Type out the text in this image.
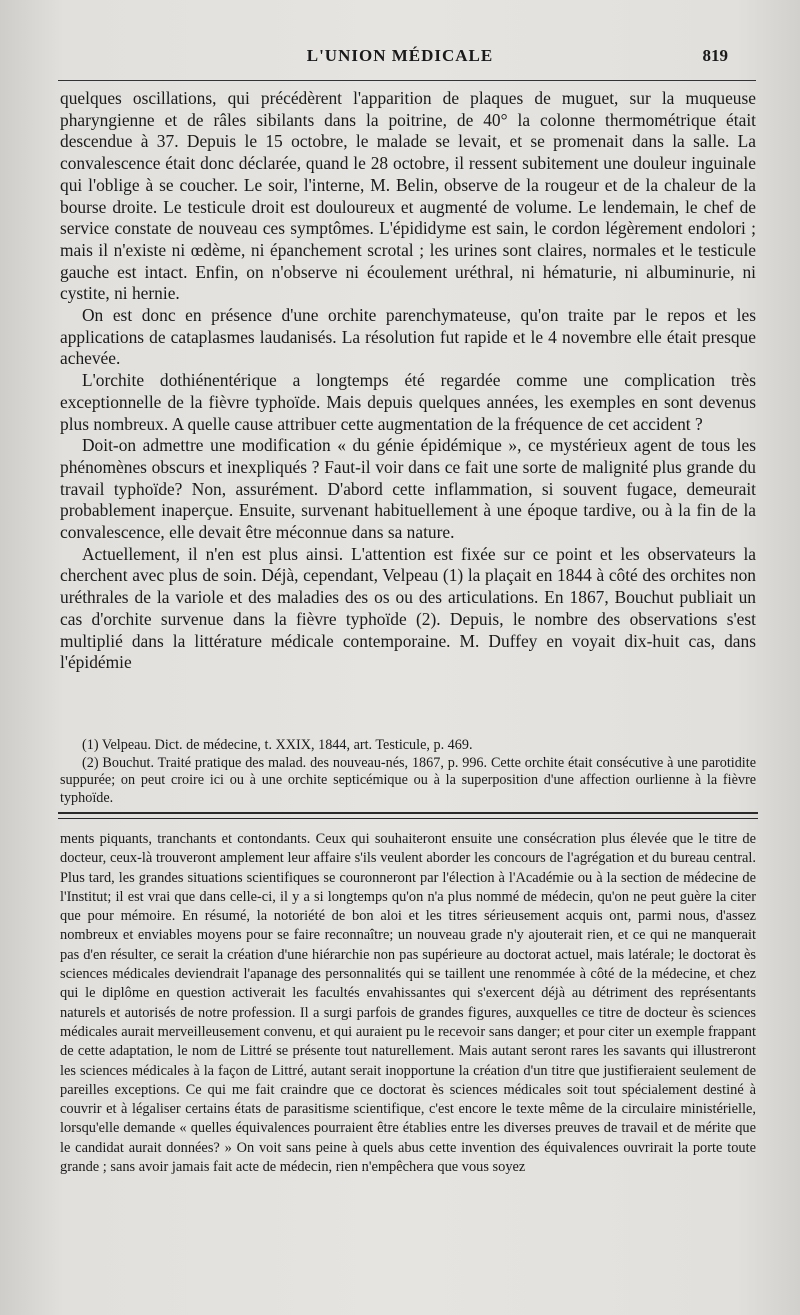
L'UNION MÉDICALE	819

quelques oscillations, qui précédèrent l'apparition de plaques de muguet, sur la muqueuse pharyngienne et de râles sibilants dans la poitrine, de 40° la colonne thermométrique était descendue à 37. Depuis le 15 octobre, le malade se levait, et se promenait dans la salle. La convalescence était donc déclarée, quand le 28 octobre, il ressent subitement une douleur inguinale qui l'oblige à se coucher. Le soir, l'interne, M. Belin, observe de la rougeur et de la chaleur de la bourse droite. Le testicule droit est douloureux et augmenté de volume. Le lendemain, le chef de service constate de nouveau ces symptômes. L'épididyme est sain, le cordon légèrement endolori ; mais il n'existe ni œdème, ni épanchement scrotal ; les urines sont claires, normales et le testicule gauche est intact. Enfin, on n'observe ni écoulement uréthral, ni hématurie, ni albuminurie, ni cystite, ni hernie.

On est donc en présence d'une orchite parenchymateuse, qu'on traite par le repos et les applications de cataplasmes laudanisés. La résolution fut rapide et le 4 novembre elle était presque achevée.

L'orchite dothiénentérique a longtemps été regardée comme une complication très exceptionnelle de la fièvre typhoïde. Mais depuis quelques années, les exemples en sont devenus plus nombreux. A quelle cause attribuer cette augmentation de la fréquence de cet accident ?

Doit-on admettre une modification « du génie épidémique », ce mystérieux agent de tous les phénomènes obscurs et inexpliqués ? Faut-il voir dans ce fait une sorte de malignité plus grande du travail typhoïde? Non, assurément. D'abord cette inflammation, si souvent fugace, demeurait probablement inaperçue. Ensuite, survenant habituellement à une époque tardive, ou à la fin de la convalescence, elle devait être méconnue dans sa nature.

Actuellement, il n'en est plus ainsi. L'attention est fixée sur ce point et les observateurs la cherchent avec plus de soin. Déjà, cependant, Velpeau (1) la plaçait en 1844 à côté des orchites non uréthrales de la variole et des maladies des os ou des articulations. En 1867, Bouchut publiait un cas d'orchite survenue dans la fièvre typhoïde (2). Depuis, le nombre des observations s'est multiplié dans la littérature médicale contemporaine. M. Duffey en voyait dix-huit cas, dans l'épidémie

(1) Velpeau. Dict. de médecine, t. XXIX, 1844, art. Testicule, p. 469.

(2) Bouchut. Traité pratique des malad. des nouveau-nés, 1867, p. 996. Cette orchite était consécutive à une parotidite suppurée; on peut croire ici ou à une orchite septicémique ou à la superposition d'une affection ourlienne à la fièvre typhoïde.

ments piquants, tranchants et contondants. Ceux qui souhaiteront ensuite une consécration plus élevée que le titre de docteur, ceux-là trouveront amplement leur affaire s'ils veulent aborder les concours de l'agrégation et du bureau central. Plus tard, les grandes situations scientifiques se couronneront par l'élection à l'Académie ou à la section de médecine de l'Institut; il est vrai que dans celle-ci, il y a si longtemps qu'on n'a plus nommé de médecin, qu'on ne peut guère la citer que pour mémoire. En résumé, la notoriété de bon aloi et les titres sérieusement acquis ont, parmi nous, d'assez nombreux et enviables moyens pour se faire reconnaître; un nouveau grade n'y ajouterait rien, et ce qui ne manquerait pas d'en résulter, ce serait la création d'une hiérarchie non pas supérieure au doctorat actuel, mais latérale; le doctorat ès sciences médicales deviendrait l'apanage des personnalités qui se taillent une renommée à côté de la médecine, et chez qui le diplôme en question activerait les facultés envahissantes qui s'exercent déjà au détriment des représentants naturels et autorisés de notre profession. Il a surgi parfois de grandes figures, auxquelles ce titre de docteur ès sciences médicales aurait merveilleusement convenu, et qui auraient pu le recevoir sans danger; et pour citer un exemple frappant de cette adaptation, le nom de Littré se présente tout naturellement. Mais autant seront rares les savants qui illustreront les sciences médicales à la façon de Littré, autant serait inopportune la création d'un titre que justifieraient seulement de pareilles exceptions. Ce qui me fait craindre que ce doctorat ès sciences médicales soit tout spécialement destiné à couvrir et à légaliser certains états de parasitisme scientifique, c'est encore le texte même de la circulaire ministérielle, lorsqu'elle demande « quelles équivalences pourraient être établies entre les diverses preuves de travail et de mérite que le candidat aurait données? » On voit sans peine à quels abus cette invention des équivalences ouvrirait la porte toute grande ; sans avoir jamais fait acte de médecin, rien n'empêchera que vous soyez
